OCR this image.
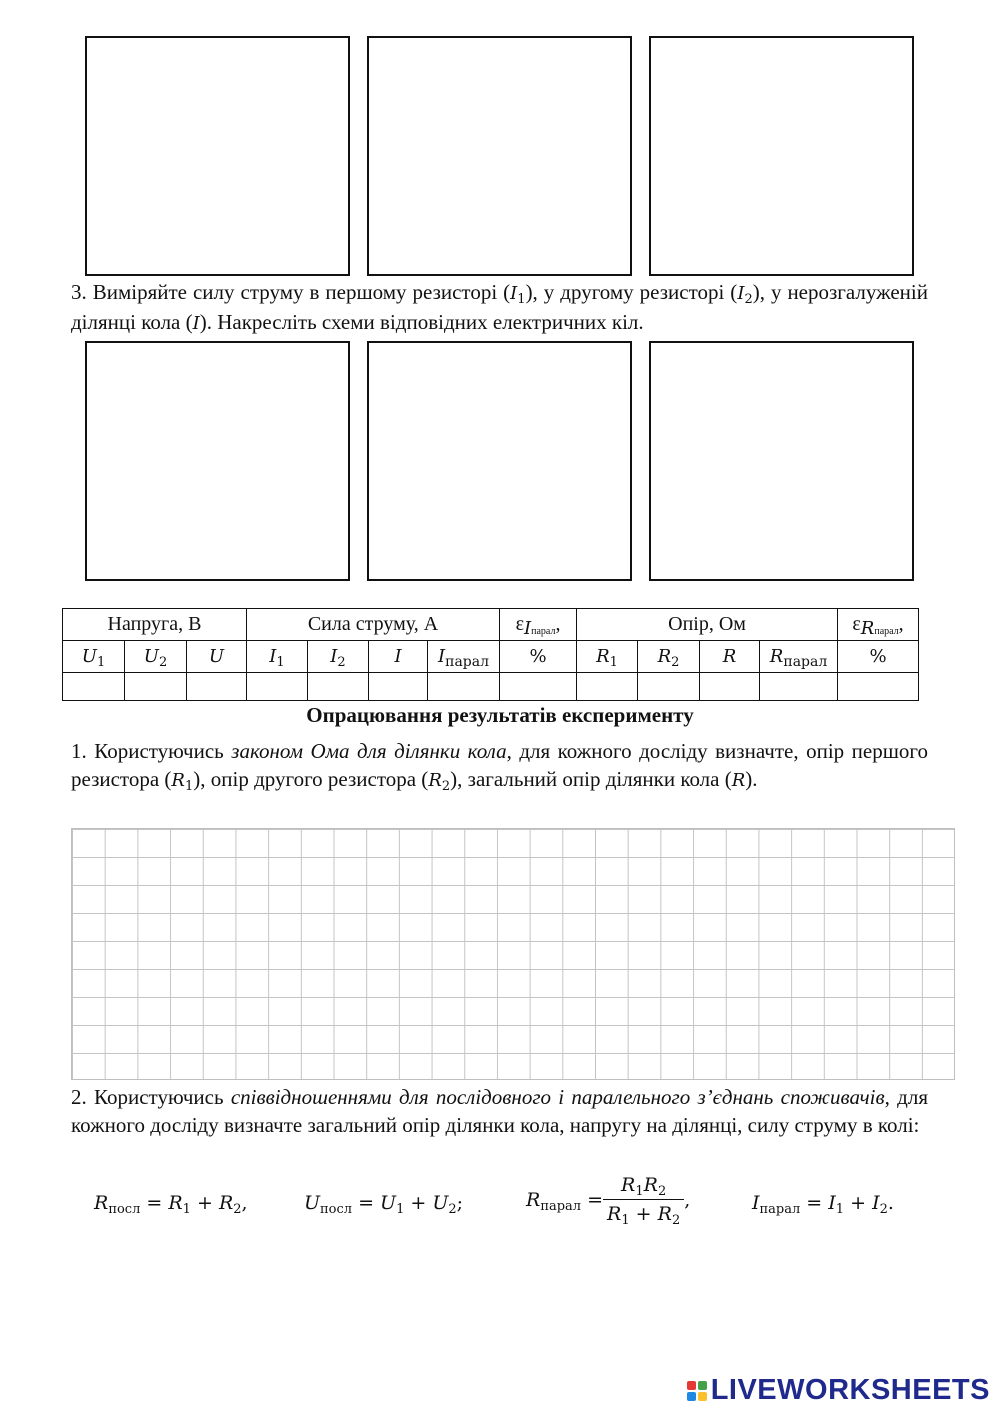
3. Виміряйте силу струму в першому резисторі $(I_1)$, у другому резисторі $(I_2)$, у нерозгалуженій ділянці кола (I). Накресліть схеми відповідних електричних кіл.

Напруга, В			Сила струму, А				$\varepsilon_{Iпарал}$,	Опір, Ом				$\varepsilon_{Rпарал}$,
$U_1$	$U_2$	U	$I_1$	$I_2$	I	$I_{парал}$	%	$R_1$	$R_2$	R	$R_{парал}$	%

Опрацювання результатів експерименту

1. Користуючись законом Ома для ділянки кола, для кожного досліду визначте, опір першого резистора $(R_1)$, опір другого резистора $(R_2)$, загальний опір ділянки кола (R).

2. Користуючись співвідношеннями для послідовного і паралельного з’єднань споживачів, для кожного досліду визначте загальний опір ділянки кола, напругу на ділянці, силу струму в колі:

$R_{посл} = R_1 + R_2$,	$U_{посл} = U_1 + U_2$;	$R_{парал} = \frac{R_1R_2}{R_1 + R_2}$ ,	$I_{парал} = I_1 + I_2$.
LIVEWORKSHEETS
